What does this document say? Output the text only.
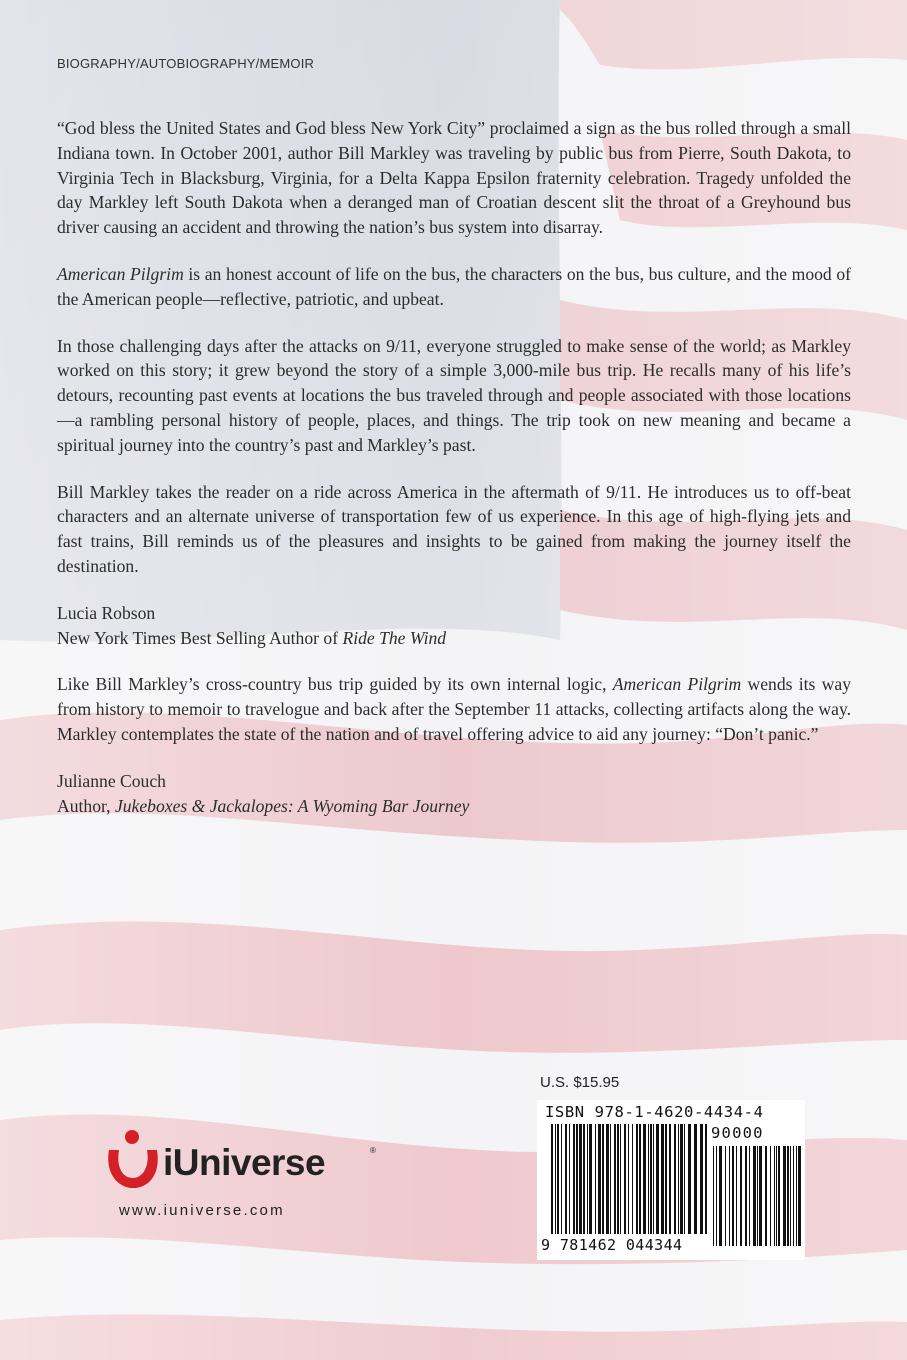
BIOGRAPHY/AUTOBIOGRAPHY/MEMOIR

“God bless the United States and God bless New York City” proclaimed a sign as the bus rolled through a small Indiana town. In October 2001, author Bill Markley was traveling by public bus from Pierre, South Dakota, to Virginia Tech in Blacksburg, Virginia, for a Delta Kappa Epsilon fraternity celebration. Tragedy unfolded the day Markley left South Dakota when a deranged man of Croatian descent slit the throat of a Greyhound bus driver causing an accident and throwing the nation’s bus system into disarray.

American Pilgrim is an honest account of life on the bus, the characters on the bus, bus culture, and the mood of the American people—reflective, patriotic, and upbeat.

In those challenging days after the attacks on 9/11, everyone struggled to make sense of the world; as Markley worked on this story; it grew beyond the story of a simple 3,000-mile bus trip. He recalls many of his life’s detours, recounting past events at locations the bus traveled through and people associated with those locations—a rambling personal history of people, places, and things. The trip took on new meaning and became a spiritual journey into the country’s past and Markley’s past.

Bill Markley takes the reader on a ride across America in the aftermath of 9/11. He introduces us to off-beat characters and an alternate universe of transportation few of us experience. In this age of high-flying jets and fast trains, Bill reminds us of the pleasures and insights to be gained from making the journey itself the destination.

Lucia Robson
New York Times Best Selling Author of Ride The Wind

Like Bill Markley’s cross-country bus trip guided by its own internal logic, American Pilgrim wends its way from history to memoir to travelogue and back after the September 11 attacks, collecting artifacts along the way. Markley contemplates the state of the nation and of travel offering advice to aid any journey: “Don’t panic.”

Julianne Couch
Author, Jukeboxes & Jackalopes: A Wyoming Bar Journey
U.S. $15.95
ISBN 978-1-4620-4434-4
90000
9 781462 044344
iUniverse	®
www.iuniverse.com
